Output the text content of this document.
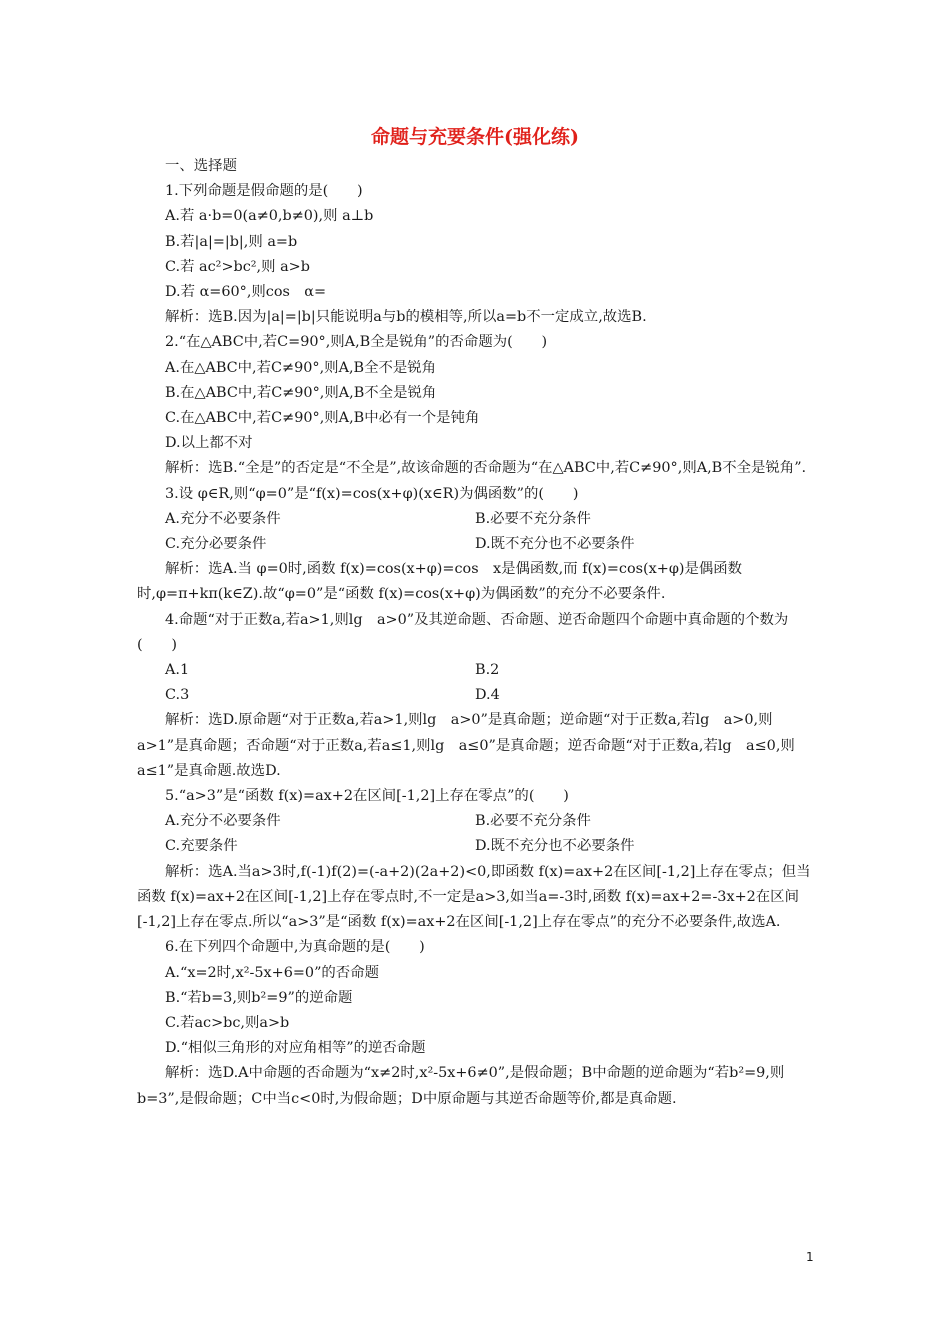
命题与充要条件(强化练)

一、选择题

1.下列命题是假命题的是(　　)

A.若 a·b=0(a≠0,b≠0),则 a⊥b

B.若|a|=|b|,则 a=b

C.若 ac²>bc²,则 a>b

D.若 α=60°,则cos　α=

解析：选B.因为|a|=|b|只能说明a与b的模相等,所以a=b不一定成立,故选B.

2.“在△ABC中,若C=90°,则A,B全是锐角”的否命题为(　　)

A.在△ABC中,若C≠90°,则A,B全不是锐角

B.在△ABC中,若C≠90°,则A,B不全是锐角

C.在△ABC中,若C≠90°,则A,B中必有一个是钝角

D.以上都不对

解析：选B.“全是”的否定是“不全是”,故该命题的否命题为“在△ABC中,若C≠90°,则A,B不全是锐角”.

3.设 φ∈R,则“φ=0”是“f(x)=cos(x+φ)(x∈R)为偶函数”的(　　)

A.充分不必要条件	B.必要不充分条件
C.充分必要条件	D.既不充分也不必要条件

解析：选A.当 φ=0时,函数 f(x)=cos(x+φ)=cos　x是偶函数,而 f(x)=cos(x+φ)是偶函数时,φ=π+kπ(k∈Z).故“φ=0”是“函数 f(x)=cos(x+φ)为偶函数”的充分不必要条件.

4.命题“对于正数a,若a>1,则lg　a>0”及其逆命题、否命题、逆否命题四个命题中真命题的个数为(　　)

A.1	B.2
C.3	D.4

解析：选D.原命题“对于正数a,若a>1,则lg　a>0”是真命题；逆命题“对于正数a,若lg　a>0,则a>1”是真命题；否命题“对于正数a,若a≤1,则lg　a≤0”是真命题；逆否命题“对于正数a,若lg　a≤0,则a≤1”是真命题.故选D.

5.“a>3”是“函数 f(x)=ax+2在区间[-1,2]上存在零点”的(　　)

A.充分不必要条件	B.必要不充分条件
C.充要条件	D.既不充分也不必要条件

解析：选A.当a>3时,f(-1)f(2)=(-a+2)(2a+2)<0,即函数 f(x)=ax+2在区间[-1,2]上存在零点；但当函数 f(x)=ax+2在区间[-1,2]上存在零点时,不一定是a>3,如当a=-3时,函数 f(x)=ax+2=-3x+2在区间[-1,2]上存在零点.所以“a>3”是“函数 f(x)=ax+2在区间[-1,2]上存在零点”的充分不必要条件,故选A.

6.在下列四个命题中,为真命题的是(　　)

A.“x=2时,x²-5x+6=0”的否命题

B.“若b=3,则b²=9”的逆命题

C.若ac>bc,则a>b

D.“相似三角形的对应角相等”的逆否命题

解析：选D.A中命题的否命题为“x≠2时,x²-5x+6≠0”,是假命题；B中命题的逆命题为“若b²=9,则b=3”,是假命题；C中当c<0时,为假命题；D中原命题与其逆否命题等价,都是真命题.

1
